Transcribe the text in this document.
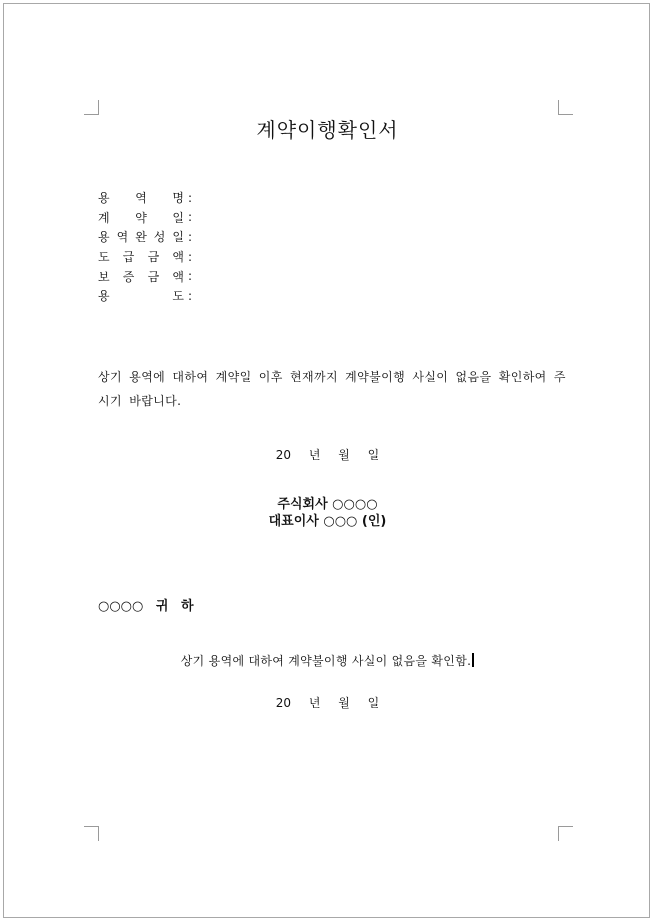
계약이행확인서
용 역 명 :
계 약 일 :
용 역 완 성 일 :
도 급 금 액 :
보 증 금 액 :
용	도 :
상기 용역에 대하여 계약일 이후 현재까지 계약불이행 사실이 없음을 확인하여 주
시기 바랍니다.
20 년 월 일
주식회사 ○○○○
대표이사 ○○○ (인)
○○○○ 귀 하
상기 용역에 대하여 계약불이행 사실이 없음을 확인함.
20 년 월 일
